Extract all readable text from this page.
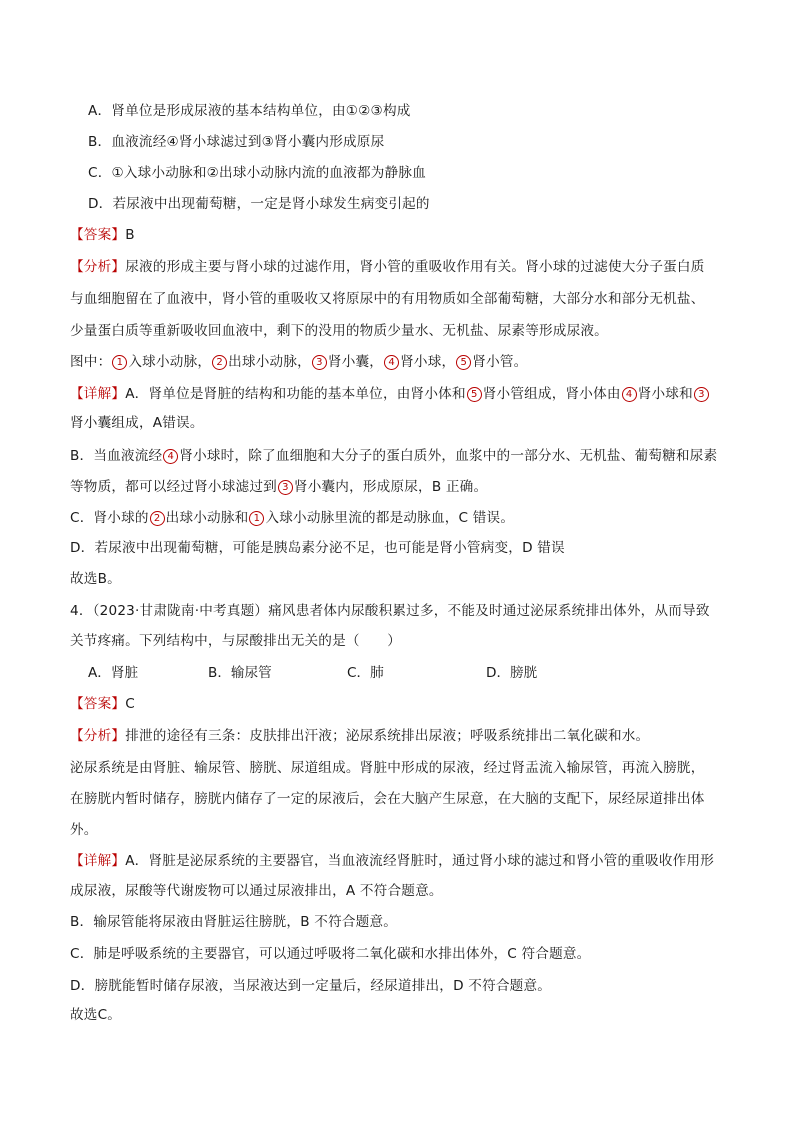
A．肾单位是形成尿液的基本结构单位，由①②③构成
B．血液流经④肾小球滤过到③肾小囊内形成原尿
C．①入球小动脉和②出球小动脉内流的血液都为静脉血
D．若尿液中出现葡萄糖，一定是肾小球发生病变引起的
【答案】B
【分析】尿液的形成主要与肾小球的过滤作用，肾小管的重吸收作用有关。肾小球的过滤使大分子蛋白质
与血细胞留在了血液中，肾小管的重吸收又将原尿中的有用物质如全部葡萄糖，大部分水和部分无机盐、
少量蛋白质等重新吸收回血液中，剩下的没用的物质少量水、无机盐、尿素等形成尿液。
图中： 1 入球小动脉， 2 出球小动脉， 3 肾小囊， 4 肾小球， 5 肾小管。
【详解】A．肾单位是肾脏的结构和功能的基本单位，由肾小体和 5 肾小管组成，肾小体由 4 肾小球和 3
肾小囊组成，A错误。
B．当血液流经 4 肾小球时，除了血细胞和大分子的蛋白质外，血浆中的一部分水、无机盐、葡萄糖和尿素
等物质，都可以经过肾小球滤过到 3 肾小囊内，形成原尿，B 正确。
C．肾小球的 2 出球小动脉和 1 入球小动脉里流的都是动脉血，C 错误。
D．若尿液中出现葡萄糖，可能是胰岛素分泌不足，也可能是肾小管病变，D 错误
故选B。
4．（2023·甘肃陇南·中考真题）痛风患者体内尿酸积累过多，不能及时通过泌尿系统排出体外，从而导致
关节疼痛。下列结构中，与尿酸排出无关的是（　　）
A．肾脏	B．输尿管	C．肺	D．膀胱
【答案】C
【分析】排泄的途径有三条：皮肤排出汗液；泌尿系统排出尿液；呼吸系统排出二氧化碳和水。
泌尿系统是由肾脏、输尿管、膀胱、尿道组成。肾脏中形成的尿液，经过肾盂流入输尿管，再流入膀胱，
在膀胱内暂时储存，膀胱内储存了一定的尿液后，会在大脑产生尿意，在大脑的支配下，尿经尿道排出体
外。
【详解】A．肾脏是泌尿系统的主要器官，当血液流经肾脏时，通过肾小球的滤过和肾小管的重吸收作用形
成尿液，尿酸等代谢废物可以通过尿液排出，A 不符合题意。
B．输尿管能将尿液由肾脏运往膀胱，B 不符合题意。
C．肺是呼吸系统的主要器官，可以通过呼吸将二氧化碳和水排出体外，C 符合题意。
D．膀胱能暂时储存尿液，当尿液达到一定量后，经尿道排出，D 不符合题意。
故选C。
